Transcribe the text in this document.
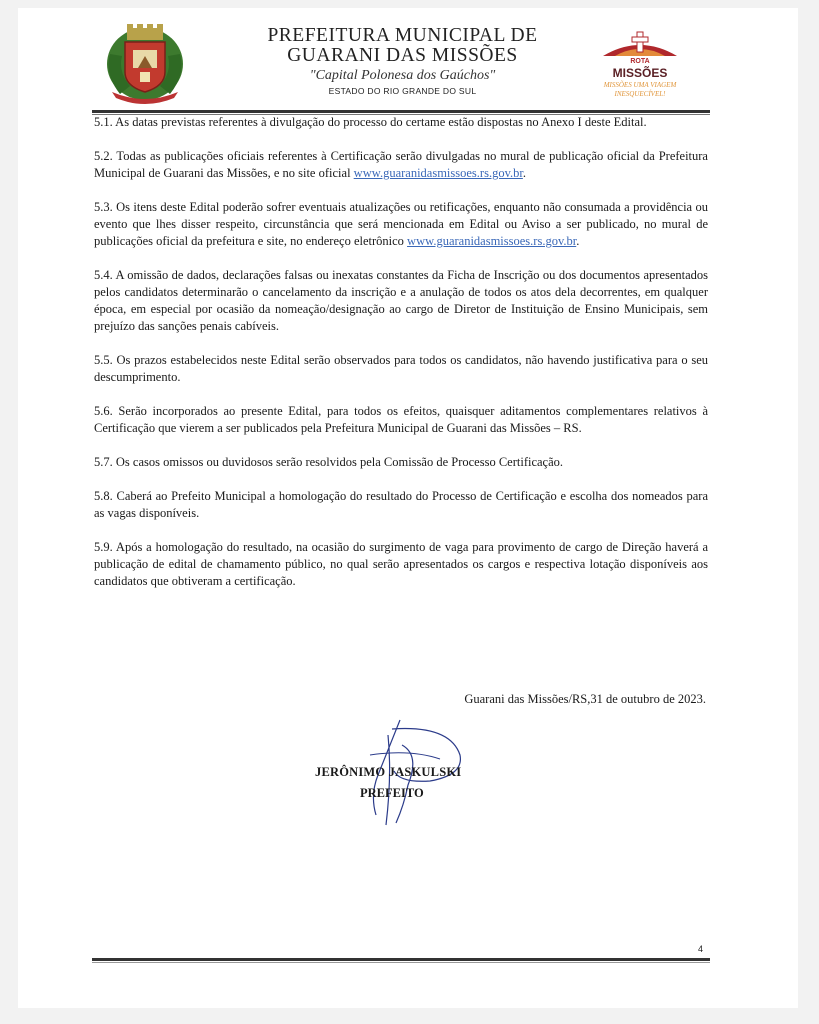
PREFEITURA MUNICIPAL DE
GUARANI DAS MISSÕES
"Capital Polonesa dos Gaúchos"
ESTADO DO RIO GRANDE DO SUL
ROTA
MISSÕES
MISSÕES UMA VIAGEM
INESQUECÍVEL!

5.1. As datas previstas referentes à divulgação do processo do certame estão dispostas no Anexo I deste Edital.

5.2. Todas as publicações oficiais referentes à Certificação serão divulgadas no mural de publicação oficial da Prefeitura Municipal de Guarani das Missões, e no site oficial www.guaranidasmissoes.rs.gov.br.

5.3. Os itens deste Edital poderão sofrer eventuais atualizações ou retificações, enquanto não consumada a providência ou evento que lhes disser respeito, circunstância que será mencionada em Edital ou Aviso a ser publicado, no mural de publicações oficial da prefeitura e site, no endereço eletrônico www.guaranidasmissoes.rs.gov.br.

5.4. A omissão de dados, declarações falsas ou inexatas constantes da Ficha de Inscrição ou dos documentos apresentados pelos candidatos determinarão o cancelamento da inscrição e a anulação de todos os atos dela decorrentes, em qualquer época, em especial por ocasião da nomeação/designação ao cargo de Diretor de Instituição de Ensino Municipais, sem prejuízo das sanções penais cabíveis.

5.5. Os prazos estabelecidos neste Edital serão observados para todos os candidatos, não havendo justificativa para o seu descumprimento.

5.6. Serão incorporados ao presente Edital, para todos os efeitos, quaisquer aditamentos complementares relativos à Certificação que vierem a ser publicados pela Prefeitura Municipal de Guarani das Missões – RS.

5.7. Os casos omissos ou duvidosos serão resolvidos pela Comissão de Processo Certificação.

5.8. Caberá ao Prefeito Municipal a homologação do resultado do Processo de Certificação e escolha dos nomeados para as vagas disponíveis.

5.9. Após a homologação do resultado, na ocasião do surgimento de vaga para provimento de cargo de Direção haverá a publicação de edital de chamamento público, no qual serão apresentados os cargos e respectiva lotação disponíveis aos candidatos que obtiveram a certificação.

Guarani das Missões/RS,31 de outubro de 2023.
JERÔNIMO JASKULSKI
PREFEITO
4
